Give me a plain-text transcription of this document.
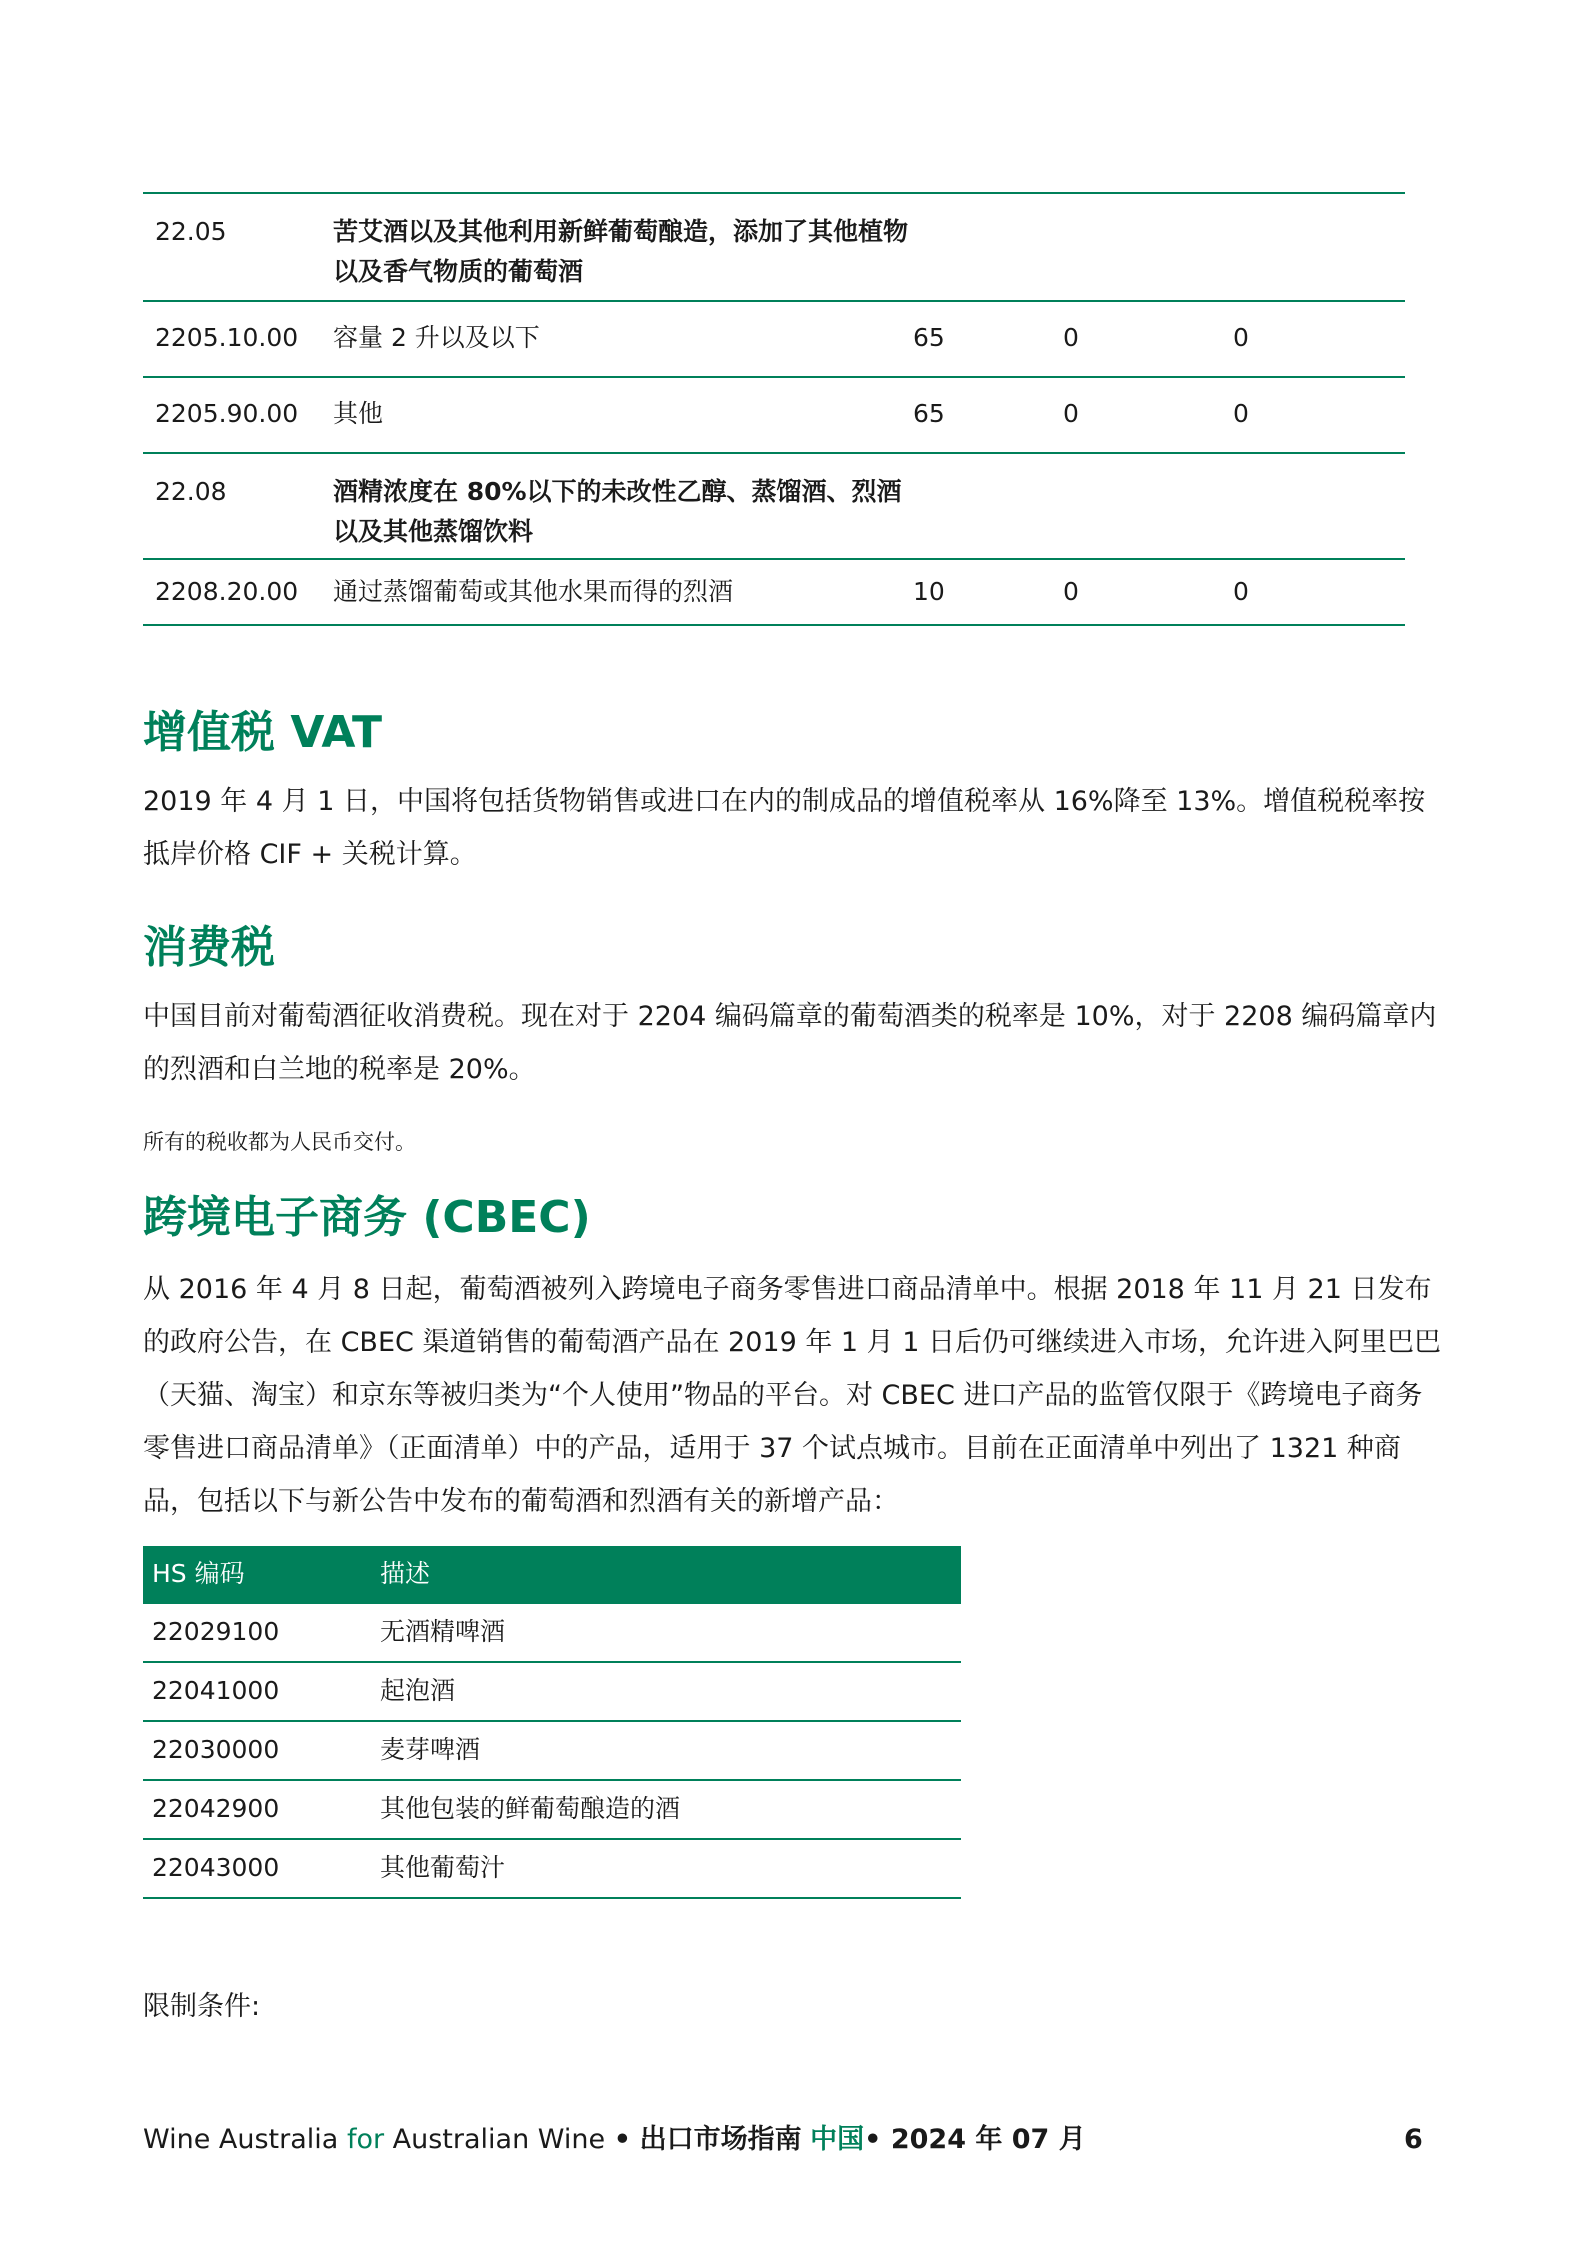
22.05	苦艾酒以及其他利用新鲜葡萄酿造，添加了其他植物以及香气物质的葡萄酒
2205.10.00 容量 2 升以及以下	65	0	0
2205.90.00 其他	65	0	0
22.08	酒精浓度在 80%以下的未改性乙醇、蒸馏酒、烈酒以及其他蒸馏饮料
2208.20.00 通过蒸馏葡萄或其他水果而得的烈酒	10	0	0
增值税 VAT

2019 年 4 月 1 日，中国将包括货物销售或进口在内的制成品的增值税率从 16%降至 13%。增值税税率按抵岸价格 CIF + 关税计算。

消费税

中国目前对葡萄酒征收消费税。现在对于 2204 编码篇章的葡萄酒类的税率是 10%，对于 2208 编码篇章内的烈酒和白兰地的税率是 20%。

所有的税收都为人民币交付。

跨境电子商务 (CBEC)

从 2016 年 4 月 8 日起，葡萄酒被列入跨境电子商务零售进口商品清单中。根据 2018 年 11 月 21 日发布的政府公告，在 CBEC 渠道销售的葡萄酒产品在 2019 年 1 月 1 日后仍可继续进入市场，允许进入阿里巴巴（天猫、淘宝）和京东等被归类为“个人使用”物品的平台。对 CBEC 进口产品的监管仅限于《跨境电子商务零售进口商品清单》（正面清单）中的产品，适用于 37 个试点城市。目前在正面清单中列出了 1321 种商品，包括以下与新公告中发布的葡萄酒和烈酒有关的新增产品：

HS 编码	描述
22029100	无酒精啤酒
22041000	起泡酒
22030000	麦芽啤酒
22042900	其他包装的鲜葡萄酿造的酒
22043000	其他葡萄汁

限制条件:

Wine Australia for Australian Wine • 出口市场指南 中国• 2024 年 07 月	6
